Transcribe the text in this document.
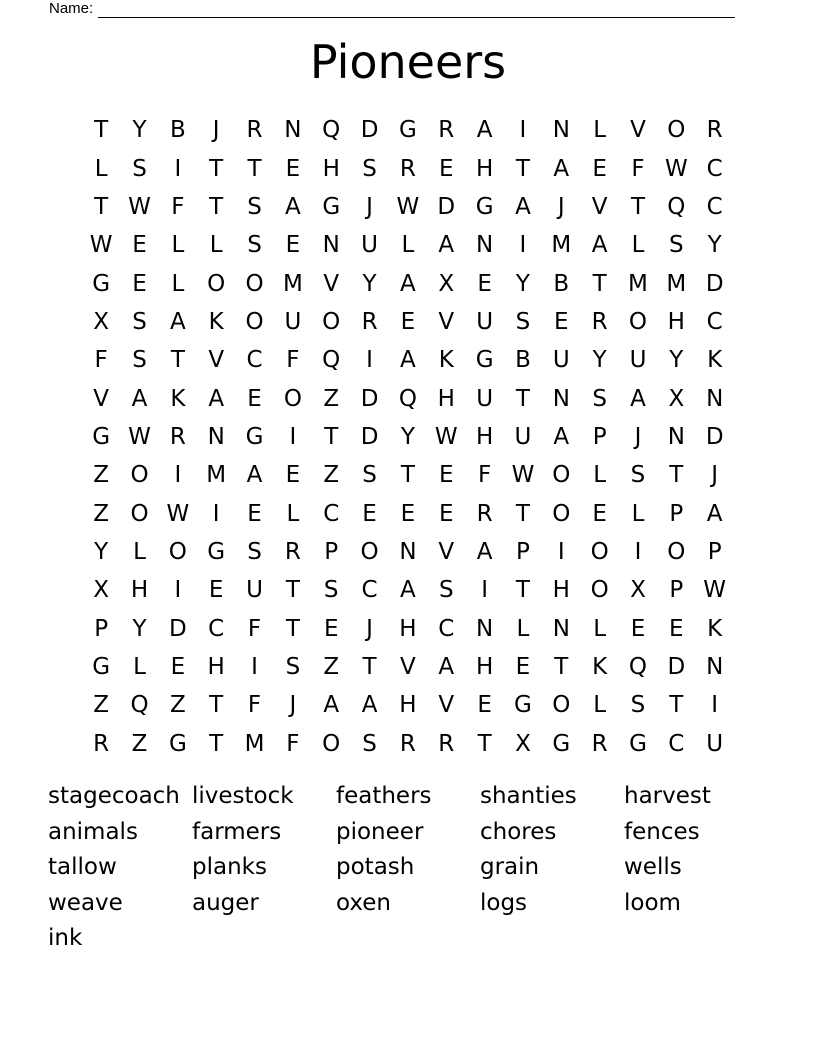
Name:
Pioneers
T	Y	B	J	R N Q D G R A	I	N	L	V O R
L	S	I	T	T	E H S	R	E H T	A	E	F W C
T W F	T	S	A G	J	W D G A	J	V	T Q C
W E	L	L	S	E N U	L	A N	I	M A	L	S	Y
G E	L O O M V	Y	A X	E	Y	B	T M M D
X	S	A K O U O R	E	V U S	E	R O H C
F	S	T	V C	F Q	I	A K G B U Y U Y	K
V A K A	E O Z D Q H U T N S	A X N
G W R N G	I	T D Y W H U A	P	J	N D
Z O	I	M A	E	Z	S	T	E	F W O L	S	T	J
Z O W	I	E	L	C	E	E	E	R	T O E	L	P	A
Y	L O G S	R	P O N V A	P	I	O	I	O P
X H	I	E U T	S	C A	S	I	T H O X	P W
P	Y D C	F	T	E	J	H C N	L	N	L	E	E	K
G	L	E H	I	S	Z	T	V A H E	T	K Q D N
Z Q Z	T	F	J	A A H V	E G O L	S	T	I
R Z G T M F O S	R R	T	X G R G C U
stagecoach livestock	feathers	shanties	harvest
animals	farmers	pioneer	chores	fences
tallow	planks	potash	grain	wells
weave	auger	oxen	logs	loom
ink
